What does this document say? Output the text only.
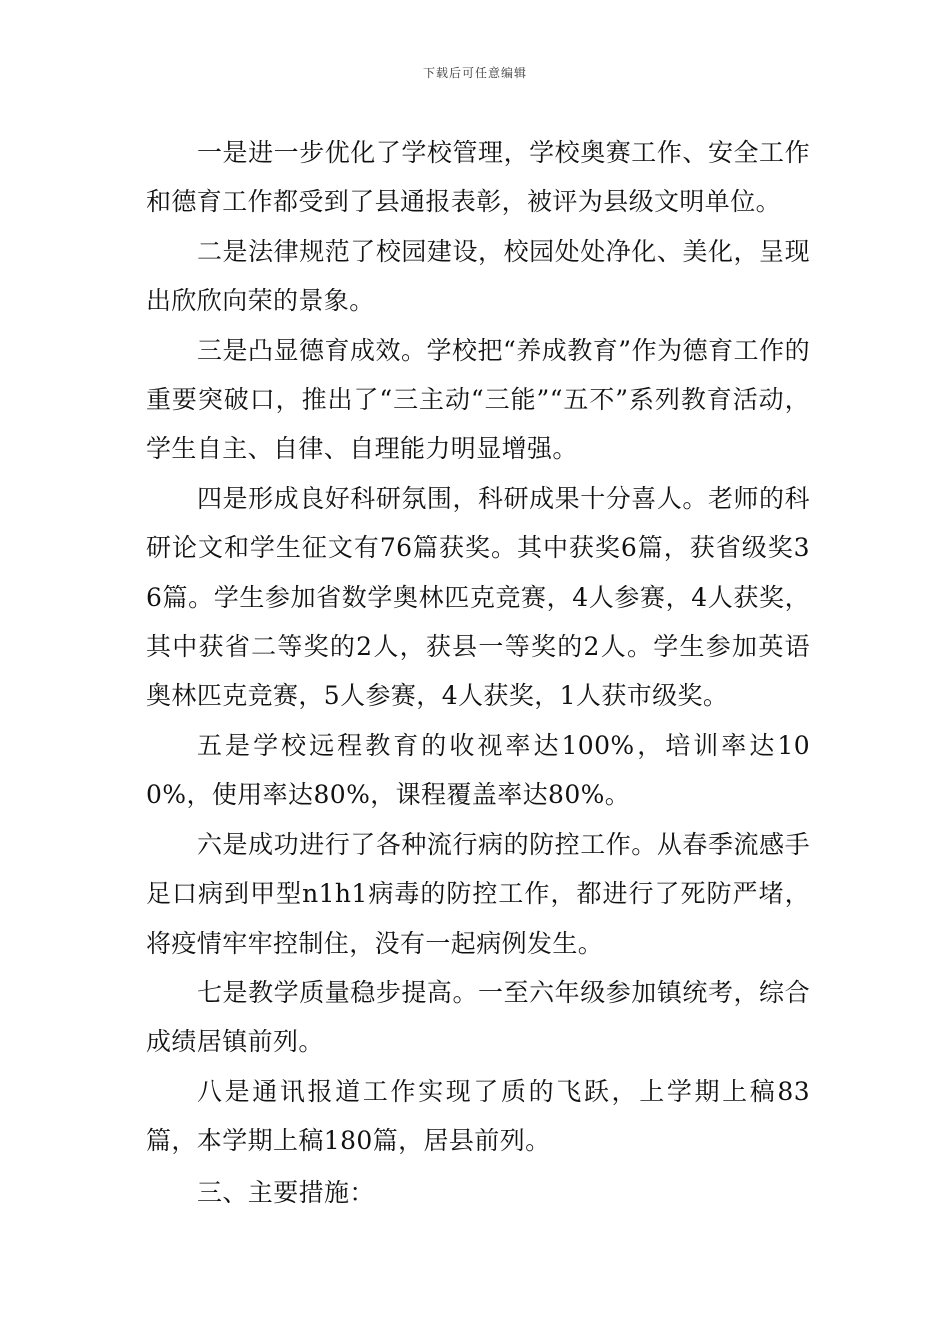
下载后可任意编辑

一是进一步优化了学校管理，学校奥赛工作、安全工作和德育工作都受到了县通报表彰，被评为县级文明单位。

二是法律规范了校园建设，校园处处净化、美化，呈现出欣欣向荣的景象。

三是凸显德育成效。学校把“养成教育”作为德育工作的重要突破口，推出了“三主动“三能”“五不”系列教育活动，学生自主、自律、自理能力明显增强。

四是形成良好科研氛围，科研成果十分喜人。老师的科研论文和学生征文有76篇获奖。其中获奖6篇，获省级奖36篇。学生参加省数学奥林匹克竞赛，4人参赛，4人获奖，其中获省二等奖的2人，获县一等奖的2人。学生参加英语奥林匹克竞赛，5人参赛，4人获奖，1人获市级奖。

五是学校远程教育的收视率达100%，培训率达100%，使用率达80%，课程覆盖率达80%。

六是成功进行了各种流行病的防控工作。从春季流感手足口病到甲型n1h1病毒的防控工作，都进行了死防严堵，将疫情牢牢控制住，没有一起病例发生。

七是教学质量稳步提高。一至六年级参加镇统考，综合成绩居镇前列。

八是通讯报道工作实现了质的飞跃，上学期上稿83篇，本学期上稿180篇，居县前列。

三、主要措施：
